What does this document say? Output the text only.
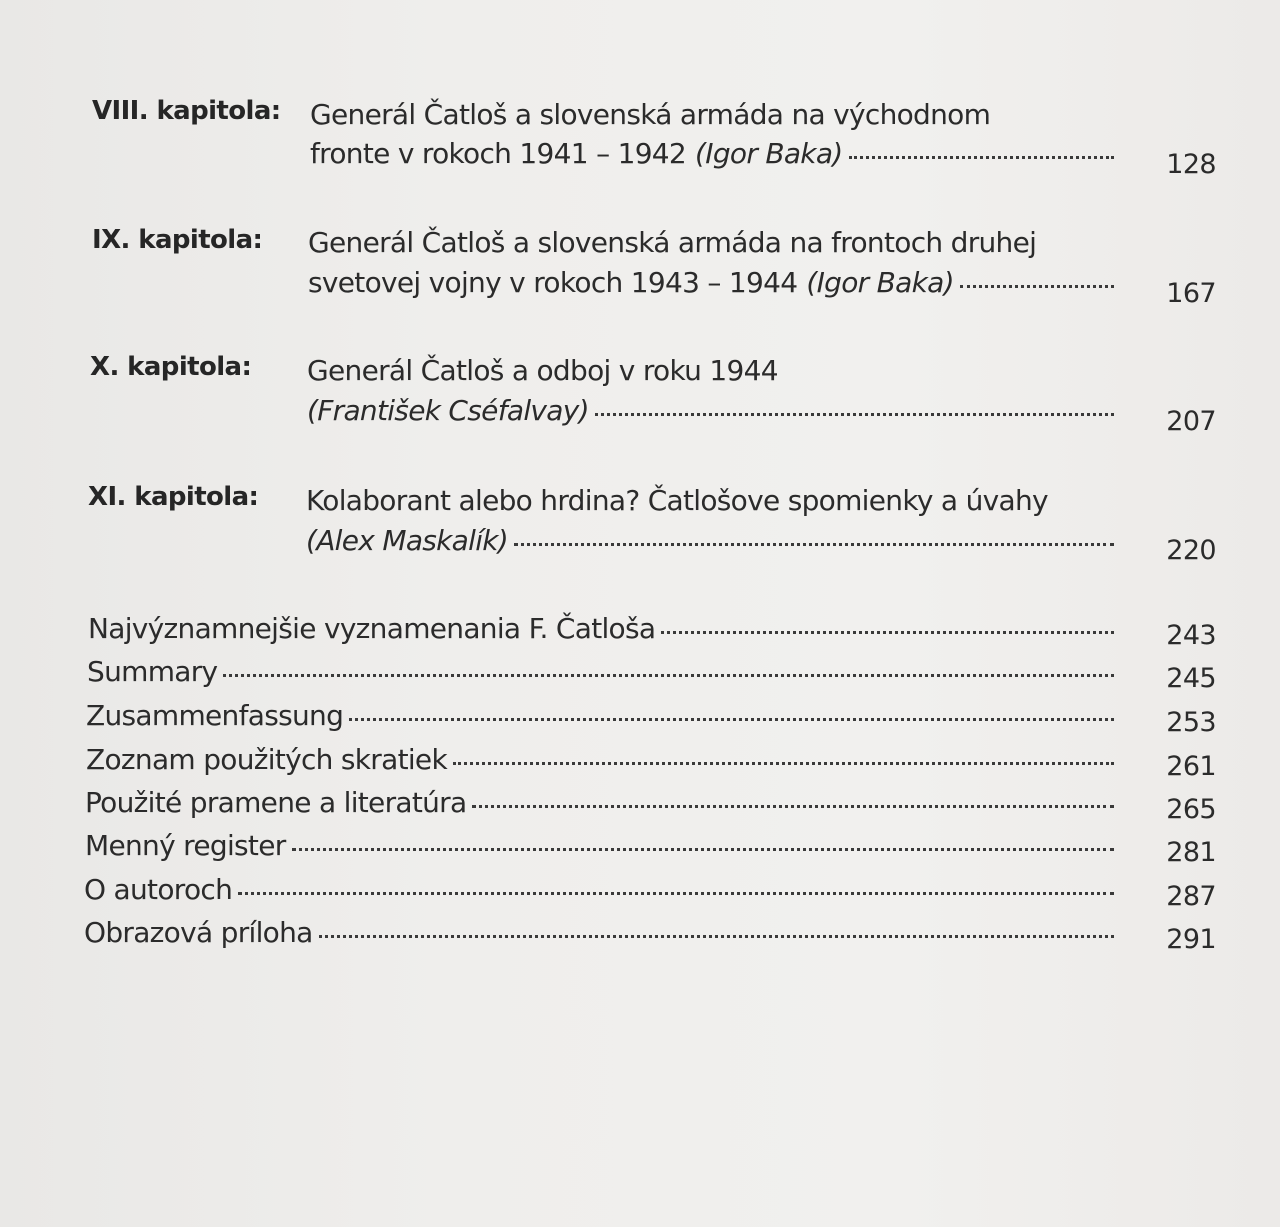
VIII. kapitola: Generál Čatloš a slovenská armáda na východnom
fronte v rokoch 1941 – 1942 (Igor Baka)	128
IX. kapitola: Generál Čatloš a slovenská armáda na frontoch druhej
svetovej vojny v rokoch 1943 – 1944 (Igor Baka)	167
X. kapitola: Generál Čatloš a odboj v roku 1944
(František Cséfalvay)	207
XI. kapitola: Kolaborant alebo hrdina? Čatlošove spomienky a úvahy
(Alex Maskalík)	220
Najvýznamnejšie vyznamenania F. Čatloša	243
Summary	245
Zusammenfassung	253
Zoznam použitých skratiek	261
Použité pramene a literatúra	265
Menný register	281
O autoroch	287
Obrazová príloha	291
